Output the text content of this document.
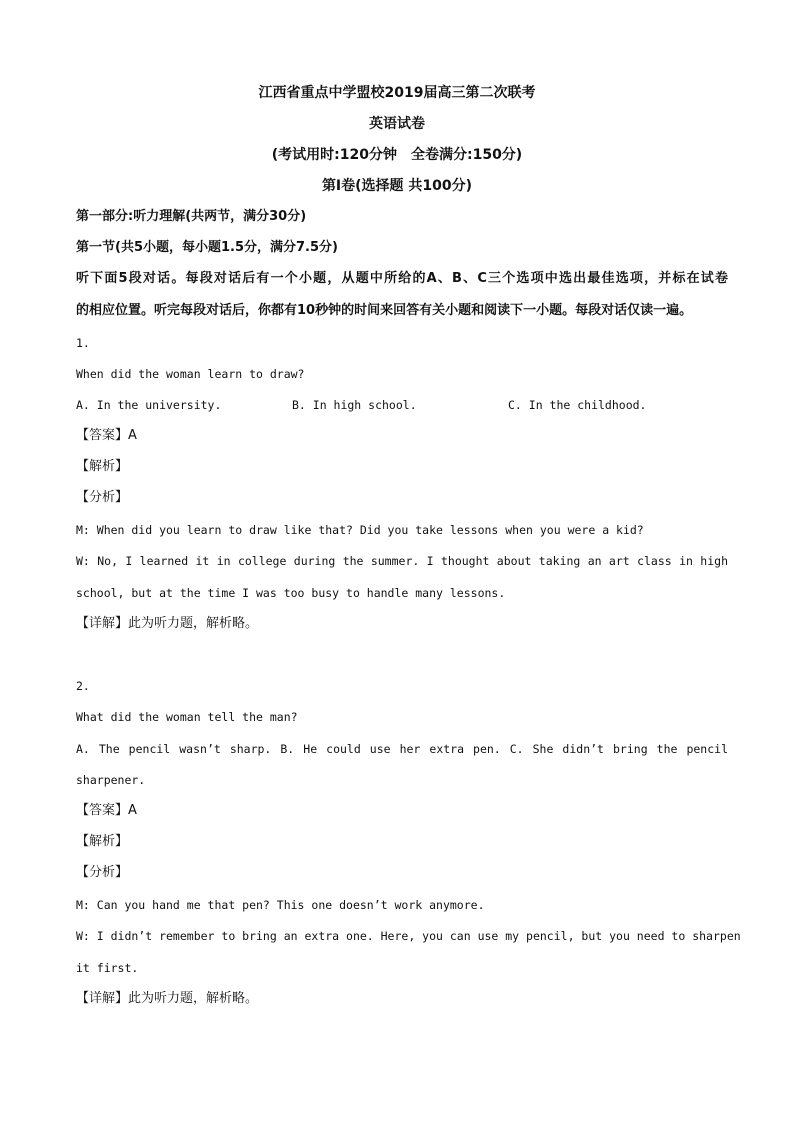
江西省重点中学盟校2019届高三第二次联考
英语试卷
(考试用时:120分钟　全卷满分:150分)
第Ⅰ卷(选择题 共100分)
第一部分:听力理解(共两节，满分30分)
第一节(共5小题，每小题1.5分，满分7.5分)
听下面5段对话。每段对话后有一个小题，从题中所给的A、B、C三个选项中选出最佳选项，并标在试卷
的相应位置。听完每段对话后，你都有10秒钟的时间来回答有关小题和阅读下一小题。每段对话仅读一遍。
1.
When did the woman learn to draw?
A. In the university.	B. In high school.	C. In the childhood.
【答案】A
【解析】
【分析】
M: When did you learn to draw like that? Did you take lessons when you were a kid?
W: No, I learned it in college during the summer. I thought about taking an art class in high
school, but at the time I was too busy to handle many lessons.
【详解】此为听力题，解析略。
2.
What did the woman tell the man?
A. The pencil wasn’t sharp. B. He could use her extra pen. C. She didn’t bring the pencil
sharpener.
【答案】A
【解析】
【分析】
M: Can you hand me that pen? This one doesn’t work anymore.
W: I didn’t remember to bring an extra one. Here, you can use my pencil, but you need to sharpen
it first.
【详解】此为听力题，解析略。
